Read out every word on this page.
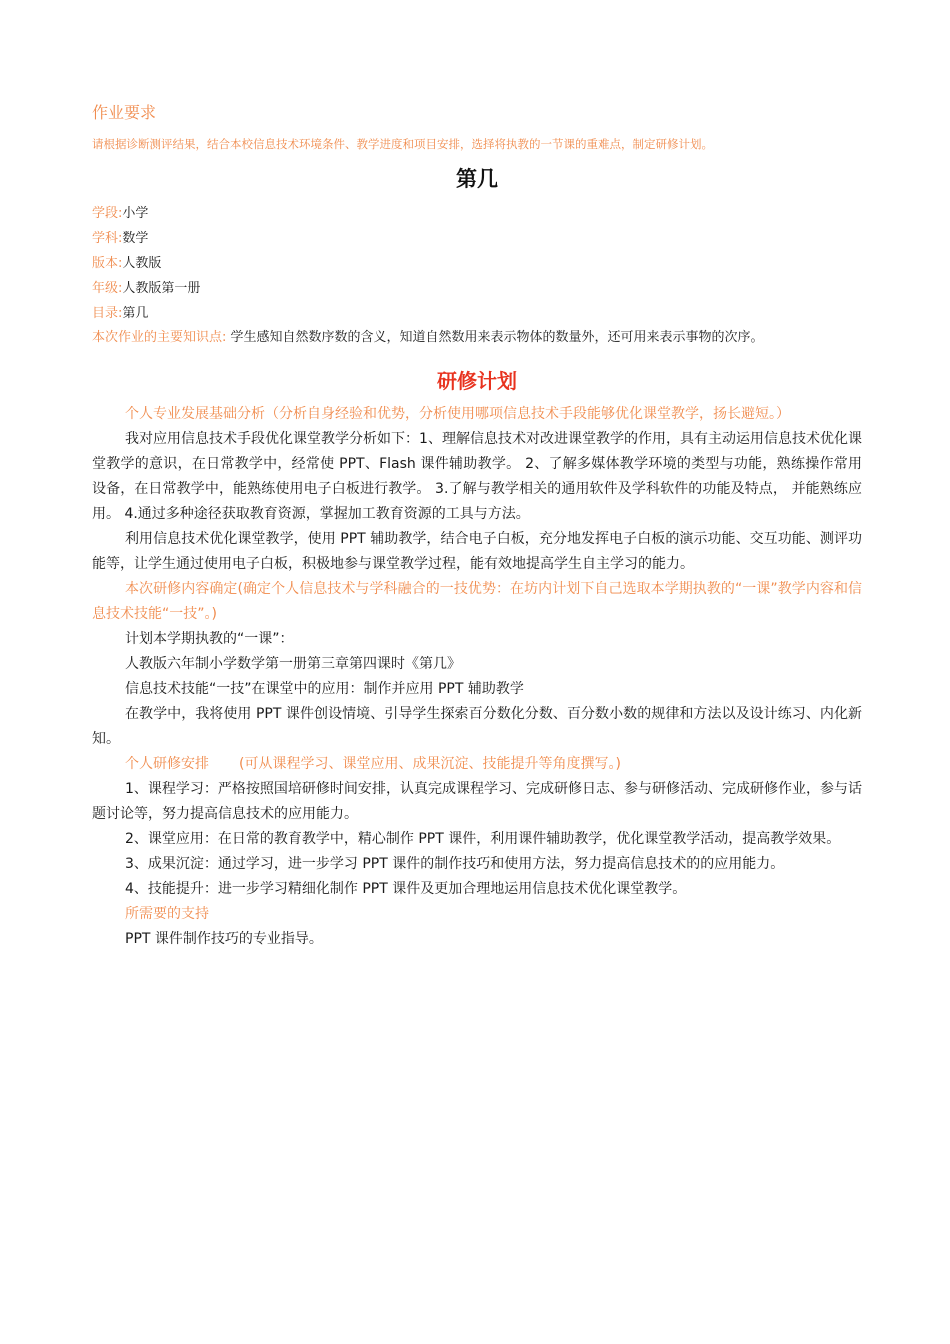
作业要求
请根据诊断测评结果，结合本校信息技术环境条件、教学进度和项目安排，选择将执教的一节课的重难点，制定研修计划。
第几
学段:小学
学科:数学
版本:人教版
年级:人教版第一册
目录:第几
本次作业的主要知识点: 学生感知自然数序数的含义，知道自然数用来表示物体的数量外，还可用来表示事物的次序。
研修计划

个人专业发展基础分析（分析自身经验和优势，分析使用哪项信息技术手段能够优化课堂教学，扬长避短。）

我对应用信息技术手段优化课堂教学分析如下：1、理解信息技术对改进课堂教学的作用，具有主动运用信息技术优化课堂教学的意识，在日常教学中，经常使 PPT、Flash 课件辅助教学。 2、了解多媒体教学环境的类型与功能，熟练操作常用设备，在日常教学中，能熟练使用电子白板进行教学。 3.了解与教学相关的通用软件及学科软件的功能及特点， 并能熟练应用。 4.通过多种途径获取教育资源，掌握加工教育资源的工具与方法。

利用信息技术优化课堂教学，使用 PPT 辅助教学，结合电子白板，充分地发挥电子白板的演示功能、交互功能、测评功能等，让学生通过使用电子白板，积极地参与课堂教学过程，能有效地提高学生自主学习的能力。

本次研修内容确定(确定个人信息技术与学科融合的一技优势：在坊内计划下自己选取本学期执教的“一课”教学内容和信息技术技能“一技”。)

计划本学期执教的“一课”：

人教版六年制小学数学第一册第三章第四课时《第几》

信息技术技能“一技”在课堂中的应用：制作并应用 PPT 辅助教学

在教学中，我将使用 PPT 课件创设情境、引导学生探索百分数化分数、百分数小数的规律和方法以及设计练习、内化新知。

个人研修安排 (可从课程学习、课堂应用、成果沉淀、技能提升等角度撰写。)

1、课程学习：严格按照国培研修时间安排，认真完成课程学习、完成研修日志、参与研修活动、完成研修作业，参与话题讨论等，努力提高信息技术的应用能力。

2、课堂应用：在日常的教育教学中，精心制作 PPT 课件，利用课件辅助教学，优化课堂教学活动，提高教学效果。

3、成果沉淀：通过学习，进一步学习 PPT 课件的制作技巧和使用方法，努力提高信息技术的的应用能力。

4、技能提升：进一步学习精细化制作 PPT 课件及更加合理地运用信息技术优化课堂教学。

所需要的支持

PPT 课件制作技巧的专业指导。
